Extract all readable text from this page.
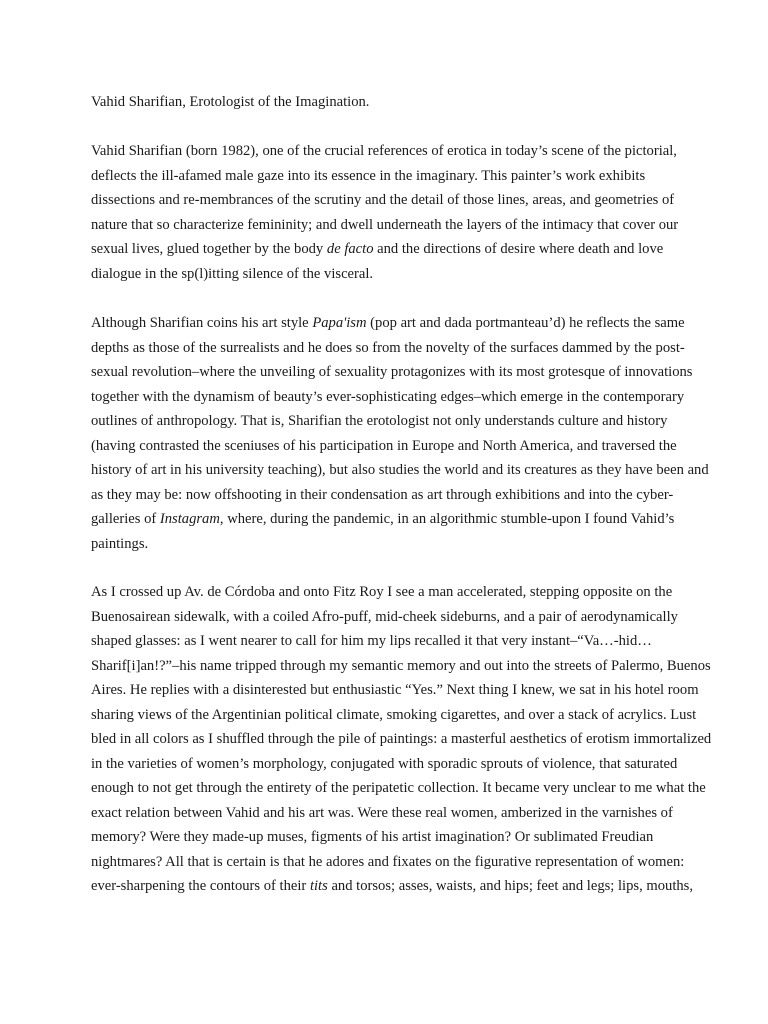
Vahid Sharifian, Erotologist of the Imagination.
Vahid Sharifian (born 1982), one of the crucial references of erotica in today’s scene of the pictorial,
deflects the ill-afamed male gaze into its essence in the imaginary. This painter’s work exhibits
dissections and re-membrances of the scrutiny and the detail of those lines, areas, and geometries of
nature that so characterize femininity; and dwell underneath the layers of the intimacy that cover our
sexual lives, glued together by the body de facto and the directions of desire where death and love
dialogue in the sp(l)itting silence of the visceral.
Although Sharifian coins his art style Papa'ism (pop art and dada portmanteau’d) he reflects the same
depths as those of the surrealists and he does so from the novelty of the surfaces dammed by the post-
sexual revolution–where the unveiling of sexuality protagonizes with its most grotesque of innovations
together with the dynamism of beauty’s ever-sophisticating edges–which emerge in the contemporary
outlines of anthropology. That is, Sharifian the erotologist not only understands culture and history
(having contrasted the sceniuses of his participation in Europe and North America, and traversed the
history of art in his university teaching), but also studies the world and its creatures as they have been and
as they may be: now offshooting in their condensation as art through exhibitions and into the cyber-
galleries of Instagram, where, during the pandemic, in an algorithmic stumble-upon I found Vahid’s
paintings.
As I crossed up Av. de Córdoba and onto Fitz Roy I see a man accelerated, stepping opposite on the
Buenosairean sidewalk, with a coiled Afro-puff, mid-cheek sideburns, and a pair of aerodynamically
shaped glasses: as I went nearer to call for him my lips recalled it that very instant–“Va…-hid…
Sharif[i]an!?”–his name tripped through my semantic memory and out into the streets of Palermo, Buenos
Aires. He replies with a disinterested but enthusiastic “Yes.” Next thing I knew, we sat in his hotel room
sharing views of the Argentinian political climate, smoking cigarettes, and over a stack of acrylics. Lust
bled in all colors as I shuffled through the pile of paintings: a masterful aesthetics of erotism immortalized
in the varieties of women’s morphology, conjugated with sporadic sprouts of violence, that saturated
enough to not get through the entirety of the peripatetic collection. It became very unclear to me what the
exact relation between Vahid and his art was. Were these real women, amberized in the varnishes of
memory? Were they made-up muses, figments of his artist imagination? Or sublimated Freudian
nightmares? All that is certain is that he adores and fixates on the figurative representation of women:
ever-sharpening the contours of their tits and torsos; asses, waists, and hips; feet and legs; lips, mouths,
